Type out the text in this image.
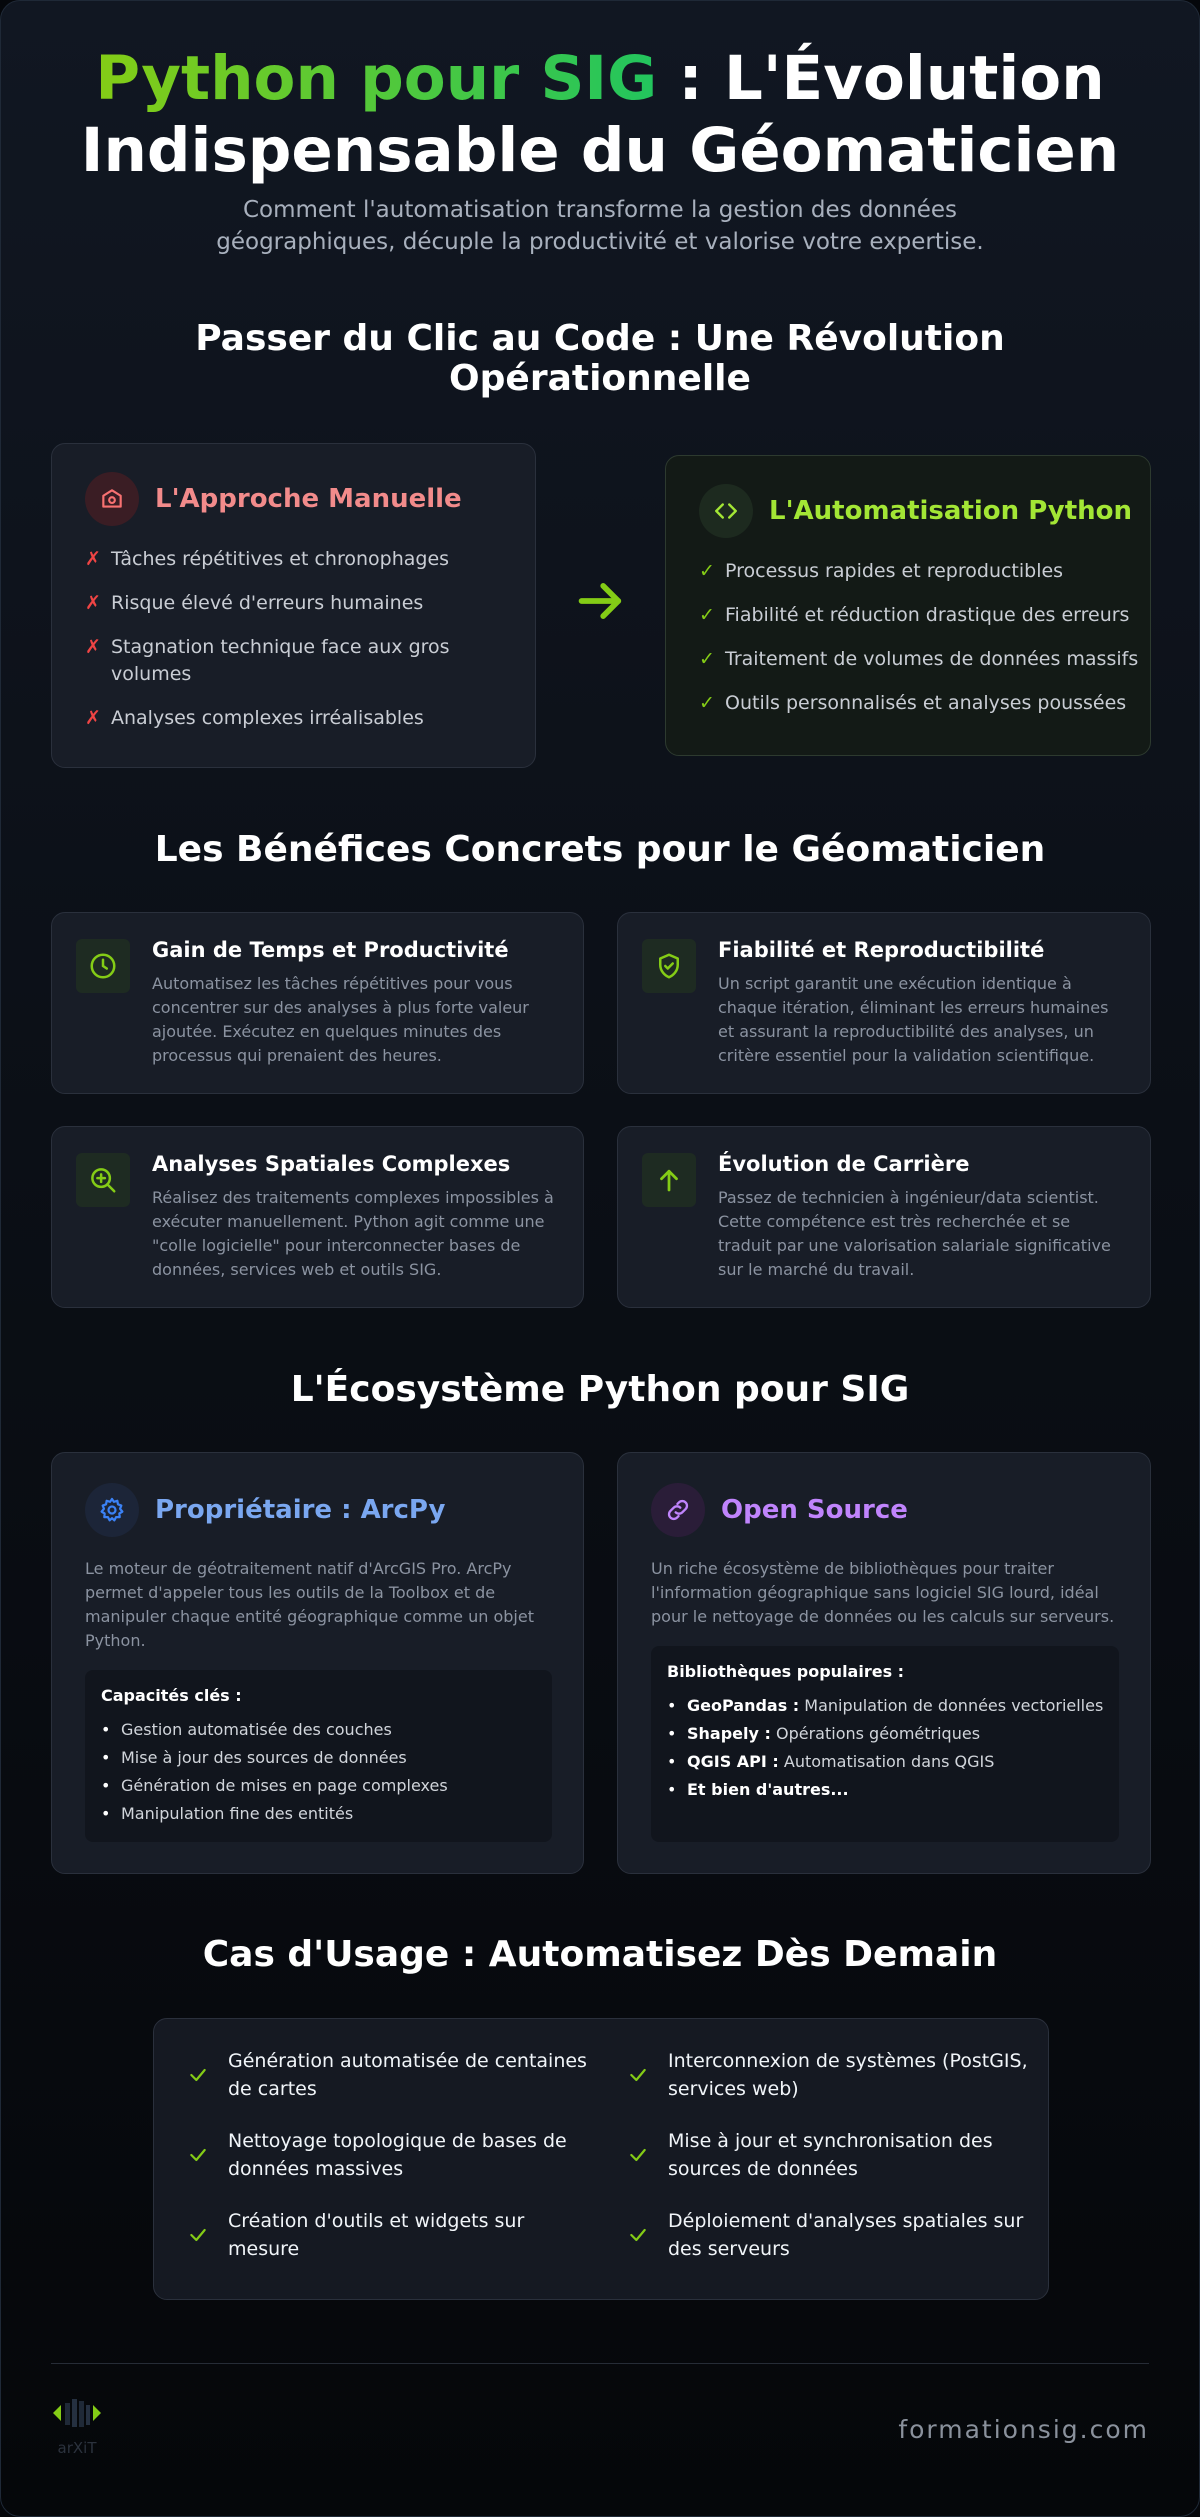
Python pour SIG : L'Évolution
Indispensable du Géomaticien

Comment l'automatisation transforme la gestion des données géographiques, décuple la productivité et valorise votre expertise.

Passer du Clic au Code : Une Révolution
Opérationnelle
L'Approche Manuelle
✗ Tâches répétitives et chronophages
✗ Risque élevé d'erreurs humaines
✗ Stagnation technique face aux gros volumes
✗ Analyses complexes irréalisables
L'Automatisation Python
✓ Processus rapides et reproductibles
✓ Fiabilité et réduction drastique des erreurs
✓ Traitement de volumes de données massifs
✓ Outils personnalisés et analyses poussées
Les Bénéfices Concrets pour le Géomaticien
Gain de Temps et Productivité
Automatisez les tâches répétitives pour vous
concentrer sur des analyses à plus forte valeur
ajoutée. Exécutez en quelques minutes des
processus qui prenaient des heures.
Fiabilité et Reproductibilité
Un script garantit une exécution identique à
chaque itération, éliminant les erreurs humaines
et assurant la reproductibilité des analyses, un
critère essentiel pour la validation scientifique.
Analyses Spatiales Complexes
Réalisez des traitements complexes impossibles à
exécuter manuellement. Python agit comme une
"colle logicielle" pour interconnecter bases de
données, services web et outils SIG.
Évolution de Carrière
Passez de technicien à ingénieur/data scientist.
Cette compétence est très recherchée et se
traduit par une valorisation salariale significative
sur le marché du travail.
L'Écosystème Python pour SIG
Propriétaire : ArcPy
Le moteur de géotraitement natif d'ArcGIS Pro. ArcPy
permet d'appeler tous les outils de la Toolbox et de
manipuler chaque entité géographique comme un objet
Python.
Capacités clés :
• Gestion automatisée des couches
• Mise à jour des sources de données
• Génération de mises en page complexes
• Manipulation fine des entités
Open Source
Un riche écosystème de bibliothèques pour traiter
l'information géographique sans logiciel SIG lourd, idéal
pour le nettoyage de données ou les calculs sur serveurs.
Bibliothèques populaires :
• GeoPandas : Manipulation de données vectorielles
• Shapely : Opérations géométriques
• QGIS API : Automatisation dans QGIS
• Et bien d'autres...
Cas d'Usage : Automatisez Dès Demain
Génération automatisée de centaines
de cartes
Interconnexion de systèmes (PostGIS,
services web)
Nettoyage topologique de bases de
données massives
Mise à jour et synchronisation des
sources de données
Création d'outils et widgets sur
mesure
Déploiement d'analyses spatiales sur
des serveurs
arXiT
formationsig.com
